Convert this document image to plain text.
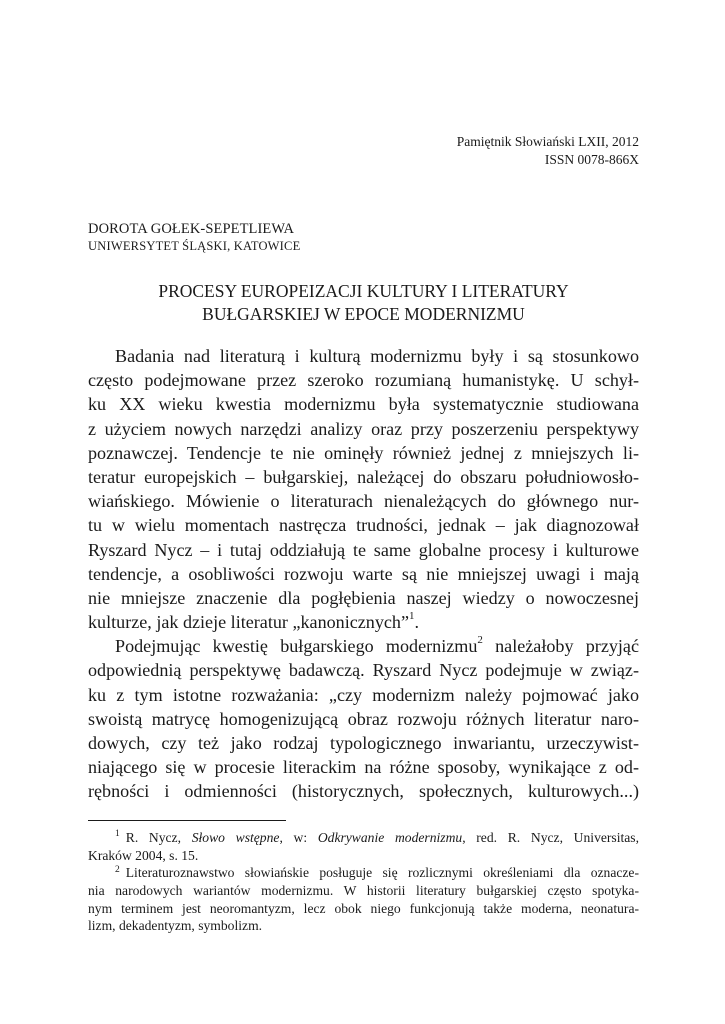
Pamiętnik Słowiański LXII, 2012
ISSN 0078-866X
DOROTA GOŁEK-SEPETLIEWA
UNIWERSYTET ŚLĄSKI, KATOWICE
PROCESY EUROPEIZACJI KULTURY I LITERATURY
BUŁGARSKIEJ W EPOCE MODERNIZMU
Badania nad literaturą i kulturą modernizmu były i są stosunkowo
często podejmowane przez szeroko rozumianą humanistykę. U schył-
ku XX wieku kwestia modernizmu była systematycznie studiowana
z użyciem nowych narzędzi analizy oraz przy poszerzeniu perspektywy
poznawczej. Tendencje te nie ominęły również jednej z mniejszych li-
teratur europejskich – bułgarskiej, należącej do obszaru południowosło-
wiańskiego. Mówienie o literaturach nienależących do głównego nur-
tu w wielu momentach nastręcza trudności, jednak – jak diagnozował
Ryszard Nycz – i tutaj oddziałują te same globalne procesy i kulturowe
tendencje, a osobliwości rozwoju warte są nie mniejszej uwagi i mają
nie mniejsze znaczenie dla pogłębienia naszej wiedzy o nowoczesnej
kulturze, jak dzieje literatur „kanonicznych”$^1$.
Podejmując kwestię bułgarskiego modernizmu$^2$ należałoby przyjąć
odpowiednią perspektywę badawczą. Ryszard Nycz podejmuje w związ-
ku z tym istotne rozważania: „czy modernizm należy pojmować jako
swoistą matrycę homogenizującą obraz rozwoju różnych literatur naro-
dowych, czy też jako rodzaj typologicznego inwariantu, urzeczywist-
niającego się w procesie literackim na różne sposoby, wynikające z od-
rębności i odmienności (historycznych, społecznych, kulturowych...)
$^1$ R. Nycz, Słowo wstępne, w: Odkrywanie modernizmu, red. R. Nycz, Universitas,
Kraków 2004, s. 15.
$^2$ Literaturoznawstwo słowiańskie posługuje się rozlicznymi określeniami dla oznacze-
nia narodowych wariantów modernizmu. W historii literatury bułgarskiej często spotyka-
nym terminem jest neoromantyzm, lecz obok niego funkcjonują także moderna, neonatura-
lizm, dekadentyzm, symbolizm.
